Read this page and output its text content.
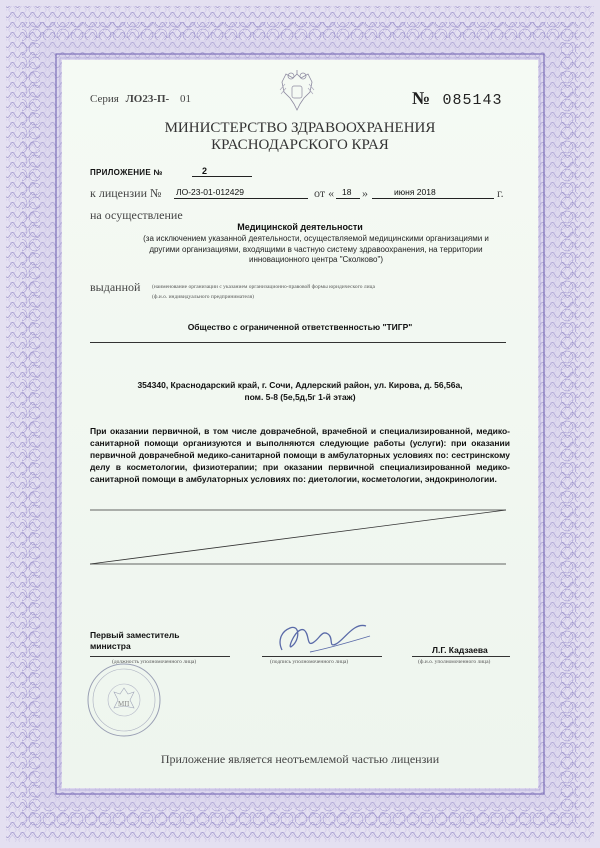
Серия ЛО23-П- 01	№ 085143
МИНИСТЕРСТВО ЗДРАВООХРАНЕНИЯ
КРАСНОДАРСКОГО КРАЯ
ПРИЛОЖЕНИЕ №	2
к лицензии № ЛО-23-01-012429	от « 18 »	июня 2018	г.
на осуществление
Медицинской деятельности
(за исключением указанной деятельности, осуществляемой медицинскими организациями и другими организациями, входящими в частную систему здравоохранения, на территории инновационного центра "Сколково")
выданной (наименование организации с указанием организационно-правовой формы юридического лица
(ф.и.о. индивидуального предпринимателя)
Общество с ограниченной ответственностью "ТИГР"
354340, Краснодарский край, г. Сочи, Адлерский район, ул. Кирова, д. 56,56а,
пом. 5-8 (5е,5д,5г 1-й этаж)
При оказании первичной, в том числе доврачебной, врачебной и специализированной, медико-санитарной помощи организуются и выполняются следующие работы (услуги): при оказании первичной доврачебной медико-санитарной помощи в амбулаторных условиях по: сестринскому делу в косметологии, физиотерапии; при оказании первичной специализированной медико-санитарной помощи в амбулаторных условиях по: диетологии, косметологии, эндокринологии.
Первый заместитель
министра
(должность уполномоченного лица)	(подпись уполномоченного лица)
Л.Г. Кадзаева
(ф.и.о. уполномоченного лица)
МП
Приложение является неотъемлемой частью лицензии
